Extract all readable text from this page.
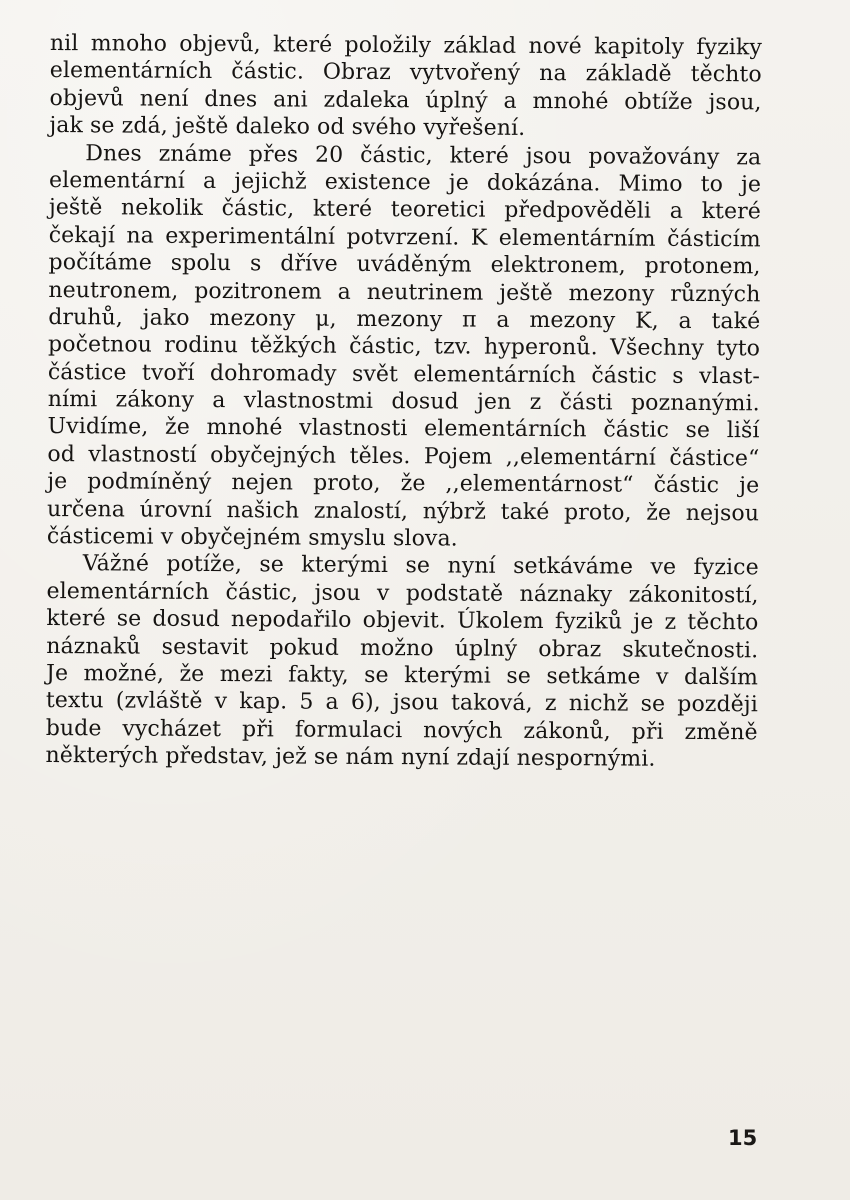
nil mnoho objevů, které položily základ nové kapitoly fyziky
elementárních částic. Obraz vytvořený na základě těchto
objevů není dnes ani zdaleka úplný a mnohé obtíže jsou,
jak se zdá, ještě daleko od svého vyřešení.
Dnes známe přes 20 částic, které jsou považovány za
elementární a jejichž existence je dokázána. Mimo to je
ještě nekolik částic, které teoretici předpověděli a které
čekají na experimentální potvrzení. K elementárním částicím
počítáme spolu s dříve uváděným elektronem, protonem,
neutronem, pozitronem a neutrinem ještě mezony různých
druhů, jako mezony μ, mezony π a mezony K, a také
početnou rodinu těžkých částic, tzv. hyperonů. Všechny tyto
částice tvoří dohromady svět elementárních částic s vlast-
ními zákony a vlastnostmi dosud jen z části poznanými.
Uvidíme, že mnohé vlastnosti elementárních částic se liší
od vlastností obyčejných těles. Pojem ,,elementární částice“
je podmíněný nejen proto, že ,,elementárnost“ částic je
určena úrovní našich znalostí, nýbrž také proto, že nejsou
částicemi v obyčejném smyslu slova.
Vážné potíže, se kterými se nyní setkáváme ve fyzice
elementárních částic, jsou v podstatě náznaky zákonitostí,
které se dosud nepodařilo objevit. Úkolem fyziků je z těchto
náznaků sestavit pokud možno úplný obraz skutečnosti.
Je možné, že mezi fakty, se kterými se setkáme v dalším
textu (zvláště v kap. 5 a 6), jsou taková, z nichž se později
bude vycházet při formulaci nových zákonů, při změně
některých představ, jež se nám nyní zdají nespornými.
15
